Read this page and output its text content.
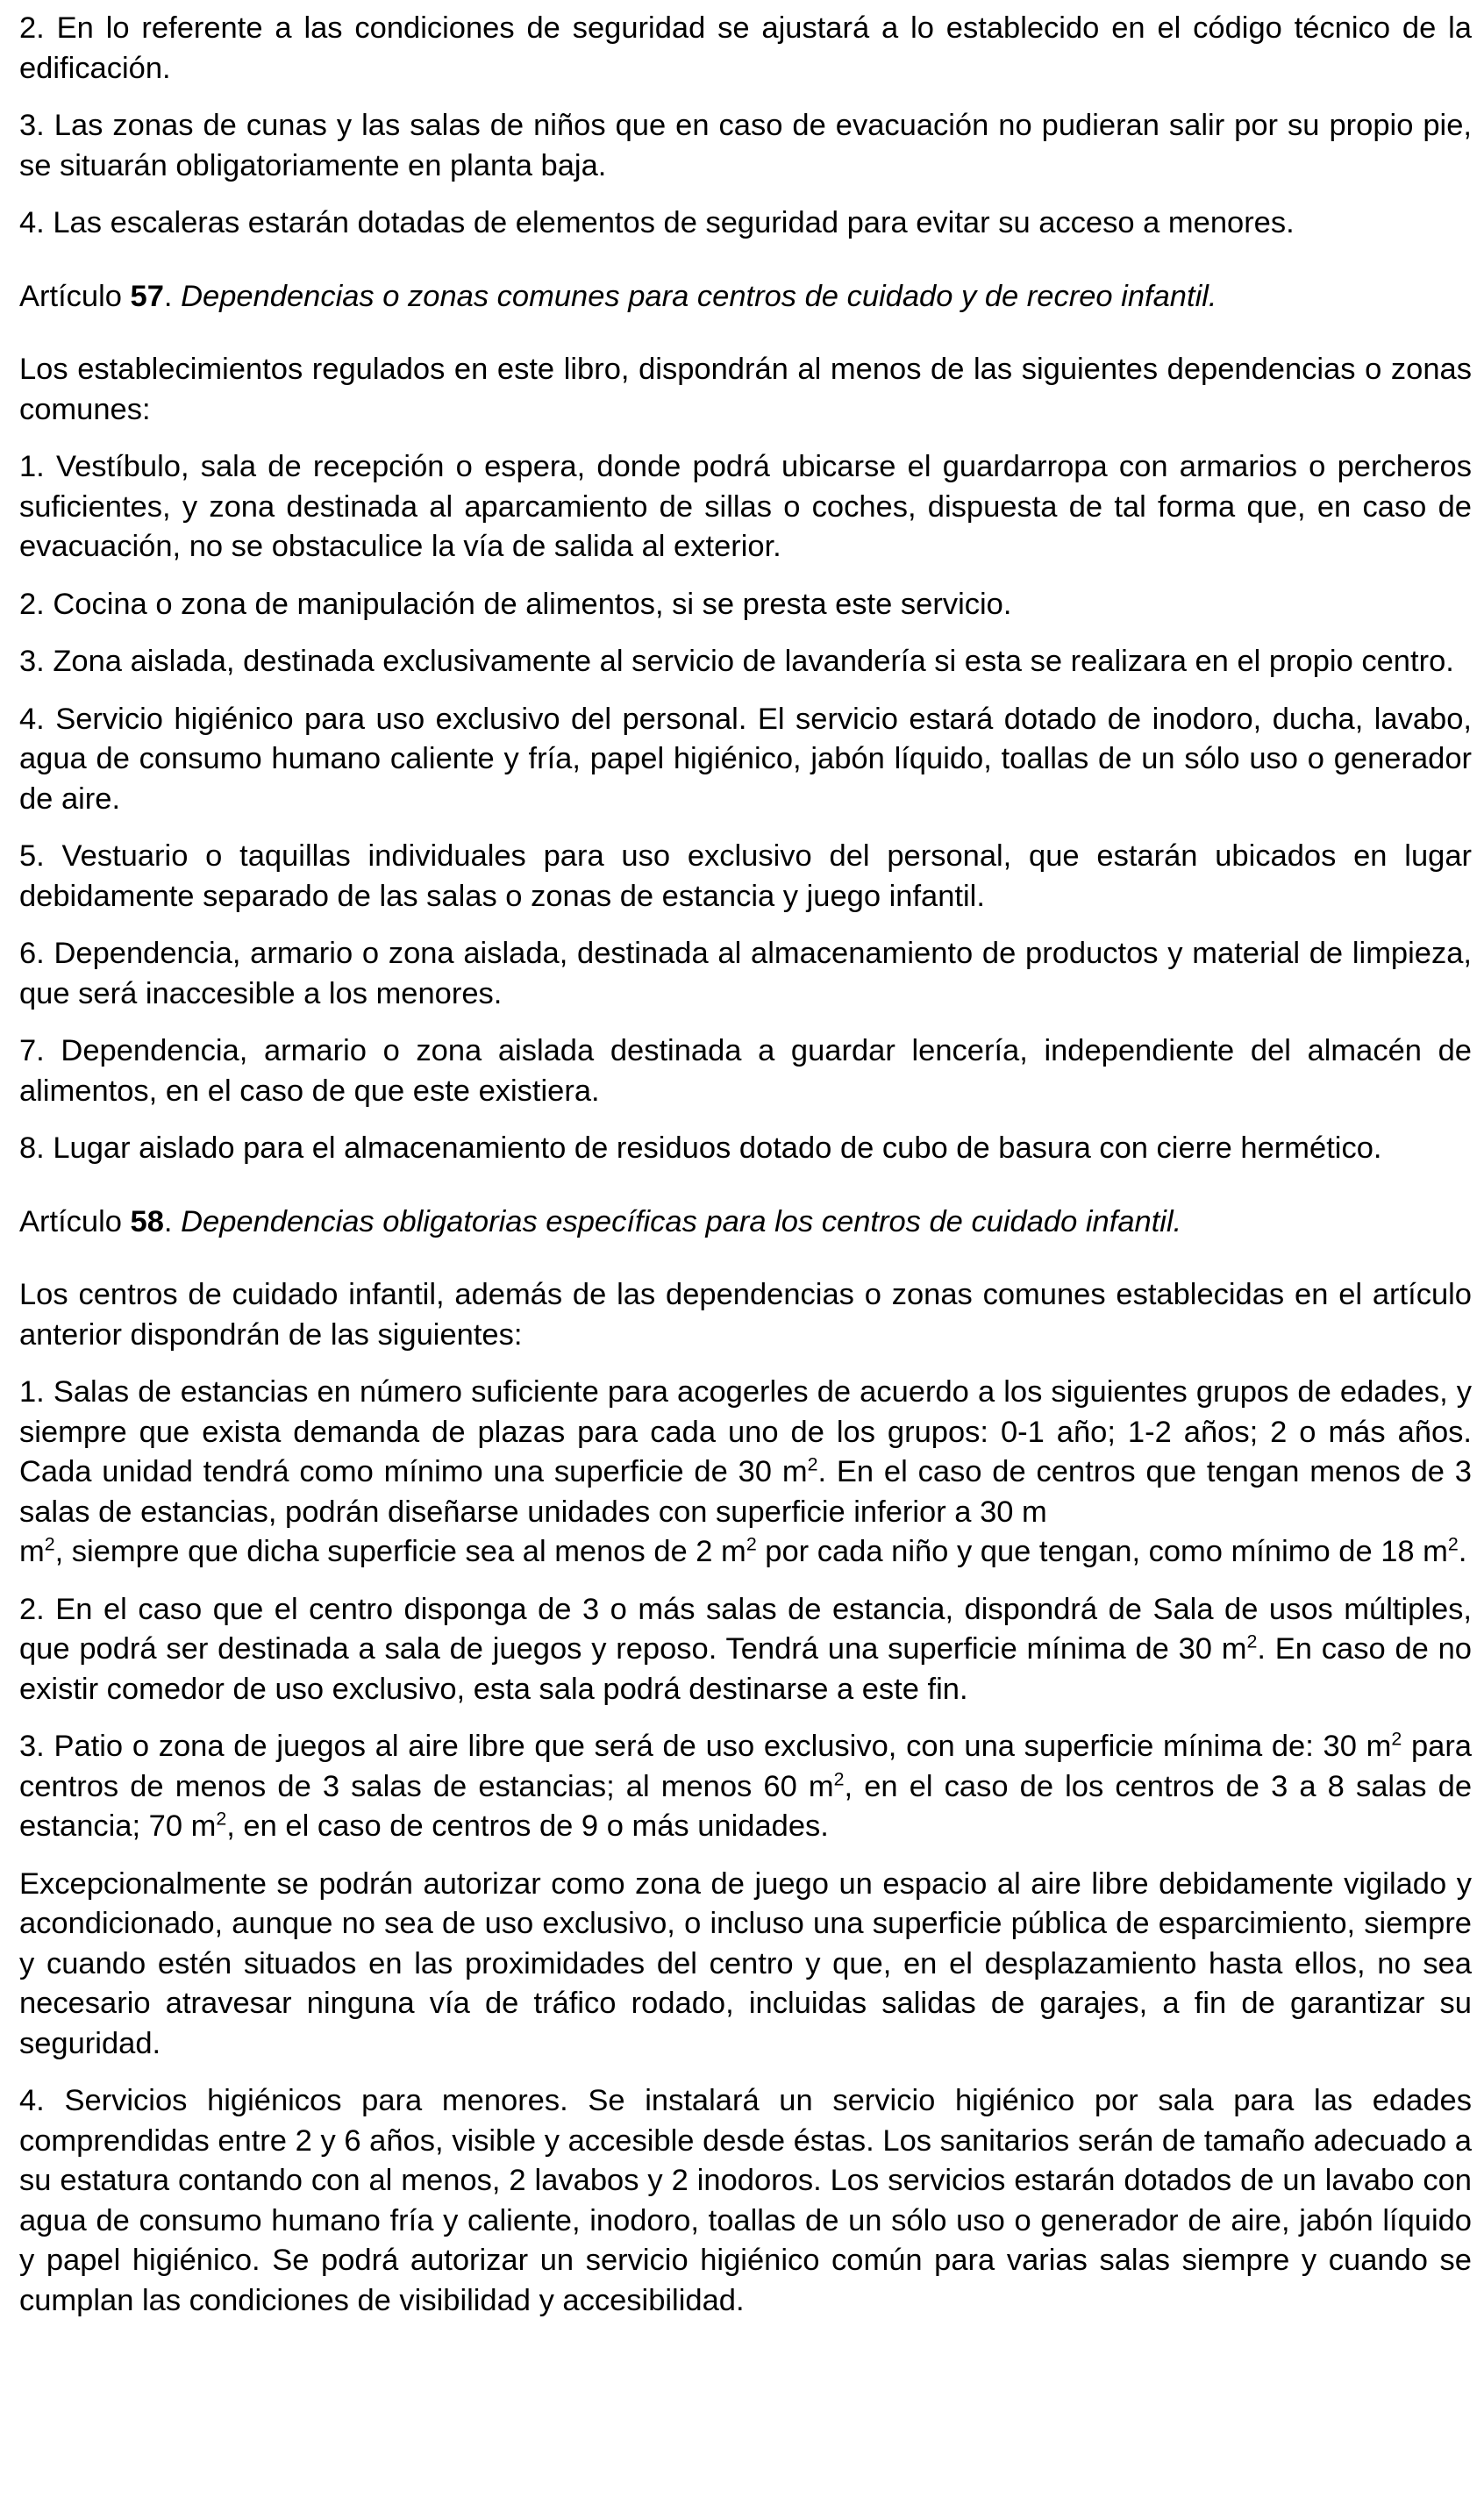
2. En lo referente a las condiciones de seguridad se ajustará a lo establecido en el código técnico de la edificación.

3. Las zonas de cunas y las salas de niños que en caso de evacuación no pudieran salir por su propio pie, se situarán obligatoriamente en planta baja.

4. Las escaleras estarán dotadas de elementos de seguridad para evitar su acceso a menores.

Artículo 57. Dependencias o zonas comunes para centros de cuidado y de recreo infantil.

Los establecimientos regulados en este libro, dispondrán al menos de las siguientes dependencias o zonas comunes:

1. Vestíbulo, sala de recepción o espera, donde podrá ubicarse el guardarropa con armarios o percheros suficientes, y zona destinada al aparcamiento de sillas o coches, dispuesta de tal forma que, en caso de evacuación, no se obstaculice la vía de salida al exterior.

2. Cocina o zona de manipulación de alimentos, si se presta este servicio.

3. Zona aislada, destinada exclusivamente al servicio de lavandería si esta se realizara en el propio centro.

4. Servicio higiénico para uso exclusivo del personal. El servicio estará dotado de inodoro, ducha, lavabo, agua de consumo humano caliente y fría, papel higiénico, jabón líquido, toallas de un sólo uso o generador de aire.

5. Vestuario o taquillas individuales para uso exclusivo del personal, que estarán ubicados en lugar debidamente separado de las salas o zonas de estancia y juego infantil.

6. Dependencia, armario o zona aislada, destinada al almacenamiento de productos y material de limpieza, que será inaccesible a los menores.

7. Dependencia, armario o zona aislada destinada a guardar lencería, independiente del almacén de alimentos, en el caso de que este existiera.

8. Lugar aislado para el almacenamiento de residuos dotado de cubo de basura con cierre hermético.

Artículo 58. Dependencias obligatorias específicas para los centros de cuidado infantil.

Los centros de cuidado infantil, además de las dependencias o zonas comunes establecidas en el artículo anterior dispondrán de las siguientes:

1. Salas de estancias en número suficiente para acogerles de acuerdo a los siguientes grupos de edades, y siempre que exista demanda de plazas para cada uno de los grupos: 0-1 año; 1-2 años; 2 o más años. Cada unidad tendrá como mínimo una superficie de 30 $m^2$. En el caso de centros que tengan menos de 3 salas de estancias, podrán diseñarse unidades con superficie inferior a 30 m
$m^2$, siempre que dicha superficie sea al menos de 2 $m^2$ por cada niño y que tengan, como mínimo de 18 $m^2$.

2. En el caso que el centro disponga de 3 o más salas de estancia, dispondrá de Sala de usos múltiples, que podrá ser destinada a sala de juegos y reposo. Tendrá una superficie mínima de 30 $m^2$. En caso de no existir comedor de uso exclusivo, esta sala podrá destinarse a este fin.

3. Patio o zona de juegos al aire libre que será de uso exclusivo, con una superficie mínima de: 30 $m^2$ para centros de menos de 3 salas de estancias; al menos 60 $m^2$, en el caso de los centros de 3 a 8 salas de estancia; 70 $m^2$, en el caso de centros de 9 o más unidades.

Excepcionalmente se podrán autorizar como zona de juego un espacio al aire libre debidamente vigilado y acondicionado, aunque no sea de uso exclusivo, o incluso una superficie pública de esparcimiento, siempre y cuando estén situados en las proximidades del centro y que, en el desplazamiento hasta ellos, no sea necesario atravesar ninguna vía de tráfico rodado, incluidas salidas de garajes, a fin de garantizar su seguridad.

4. Servicios higiénicos para menores. Se instalará un servicio higiénico por sala para las edades comprendidas entre 2 y 6 años, visible y accesible desde éstas. Los sanitarios serán de tamaño adecuado a su estatura contando con al menos, 2 lavabos y 2 inodoros. Los servicios estarán dotados de un lavabo con agua de consumo humano fría y caliente, inodoro, toallas de un sólo uso o generador de aire, jabón líquido y papel higiénico. Se podrá autorizar un servicio higiénico común para varias salas siempre y cuando se cumplan las condiciones de visibilidad y accesibilidad.
